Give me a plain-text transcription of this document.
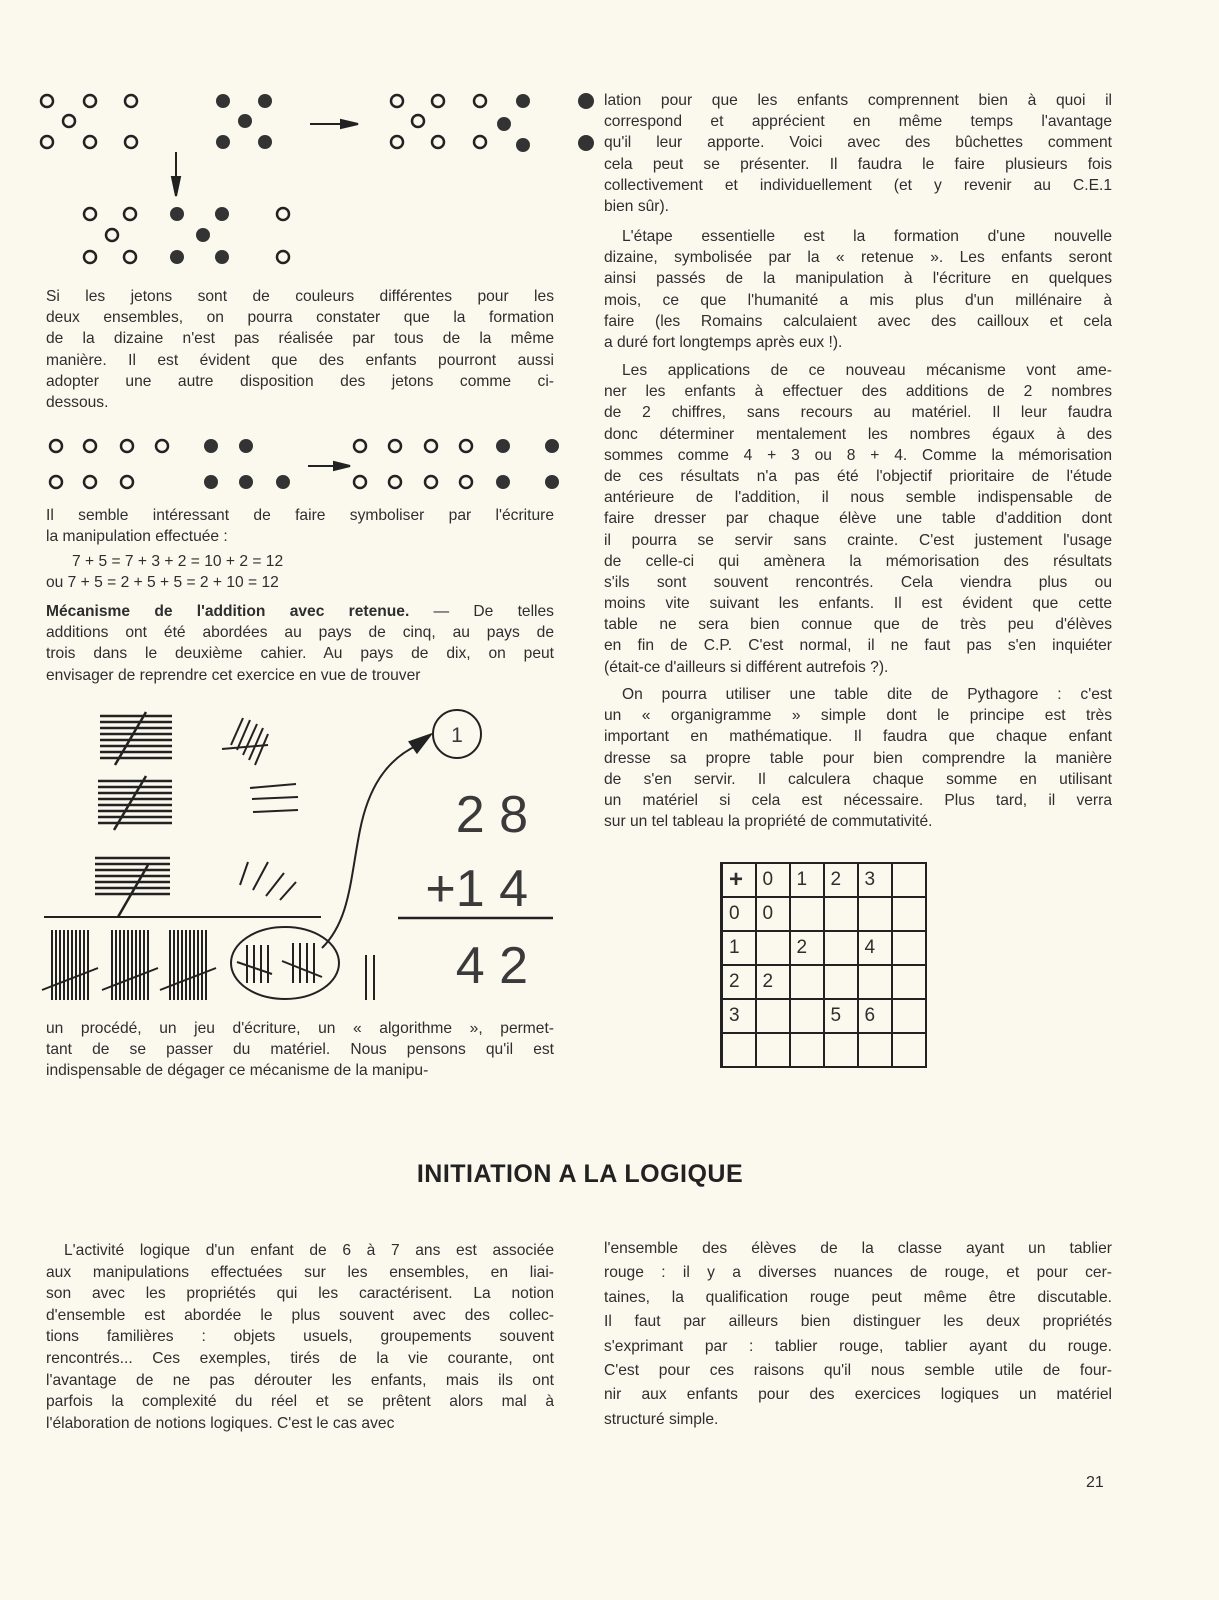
Si les jetons sont de couleurs différentes pour les
deux ensembles, on pourra constater que la formation
de la dizaine n'est pas réalisée par tous de la même
manière. Il est évident que des enfants pourront aussi
adopter une autre disposition des jetons comme ci-
dessous.
Il semble intéressant de faire symboliser par l'écriture
la manipulation effectuée :
7 + 5 = 7 + 3 + 2 = 10 + 2 = 12
ou 7 + 5 = 2 + 5 + 5 = 2 + 10 = 12
Mécanisme de l'addition avec retenue. — De telles
additions ont été abordées au pays de cinq, au pays de
trois dans le deuxième cahier. Au pays de dix, on peut
envisager de reprendre cet exercice en vue de trouver
1
2 8
+1 4
4 2
un procédé, un jeu d'écriture, un « algorithme », permet-
tant de se passer du matériel. Nous pensons qu'il est
indispensable de dégager ce mécanisme de la manipu-
lation pour que les enfants comprennent bien à quoi il
correspond et apprécient en même temps l'avantage
qu'il leur apporte. Voici avec des bûchettes comment
cela peut se présenter. Il faudra le faire plusieurs fois
collectivement et individuellement (et y revenir au C.E.1
bien sûr).
L'étape essentielle est la formation d'une nouvelle
dizaine, symbolisée par la « retenue ». Les enfants seront
ainsi passés de la manipulation à l'écriture en quelques
mois, ce que l'humanité a mis plus d'un millénaire à
faire (les Romains calculaient avec des cailloux et cela
a duré fort longtemps après eux !).
Les applications de ce nouveau mécanisme vont ame-
ner les enfants à effectuer des additions de 2 nombres
de 2 chiffres, sans recours au matériel. Il leur faudra
donc déterminer mentalement les nombres égaux à des
sommes comme 4 + 3 ou 8 + 4. Comme la mémorisation
de ces résultats n'a pas été l'objectif prioritaire de l'étude
antérieure de l'addition, il nous semble indispensable de
faire dresser par chaque élève une table d'addition dont
il pourra se servir sans crainte. C'est justement l'usage
de celle-ci qui amènera la mémorisation des résultats
s'ils sont souvent rencontrés. Cela viendra plus ou
moins vite suivant les enfants. Il est évident que cette
table ne sera bien connue que de très peu d'élèves
en fin de C.P. C'est normal, il ne faut pas s'en inquiéter
(était-ce d'ailleurs si différent autrefois ?).
On pourra utiliser une table dite de Pythagore : c'est
un « organigramme » simple dont le principe est très
important en mathématique. Il faudra que chaque enfant
dresse sa propre table pour bien comprendre la manière
de s'en servir. Il calculera chaque somme en utilisant
un matériel si cela est nécessaire. Plus tard, il verra
sur un tel tableau la propriété de commutativité.
+	0	1	2	3	
0	0				
1		2		4	
2	2				
3			5	6	

INITIATION A LA LOGIQUE
L'activité logique d'un enfant de 6 à 7 ans est associée
aux manipulations effectuées sur les ensembles, en liai-
son avec les propriétés qui les caractérisent. La notion
d'ensemble est abordée le plus souvent avec des collec-
tions familières : objets usuels, groupements souvent
rencontrés... Ces exemples, tirés de la vie courante, ont
l'avantage de ne pas dérouter les enfants, mais ils ont
parfois la complexité du réel et se prêtent alors mal à
l'élaboration de notions logiques. C'est le cas avec
l'ensemble des élèves de la classe ayant un tablier
rouge : il y a diverses nuances de rouge, et pour cer-
taines, la qualification rouge peut même être discutable.
Il faut par ailleurs bien distinguer les deux propriétés
s'exprimant par : tablier rouge, tablier ayant du rouge.
C'est pour ces raisons qu'il nous semble utile de four-
nir aux enfants pour des exercices logiques un matériel
structuré simple.
21
